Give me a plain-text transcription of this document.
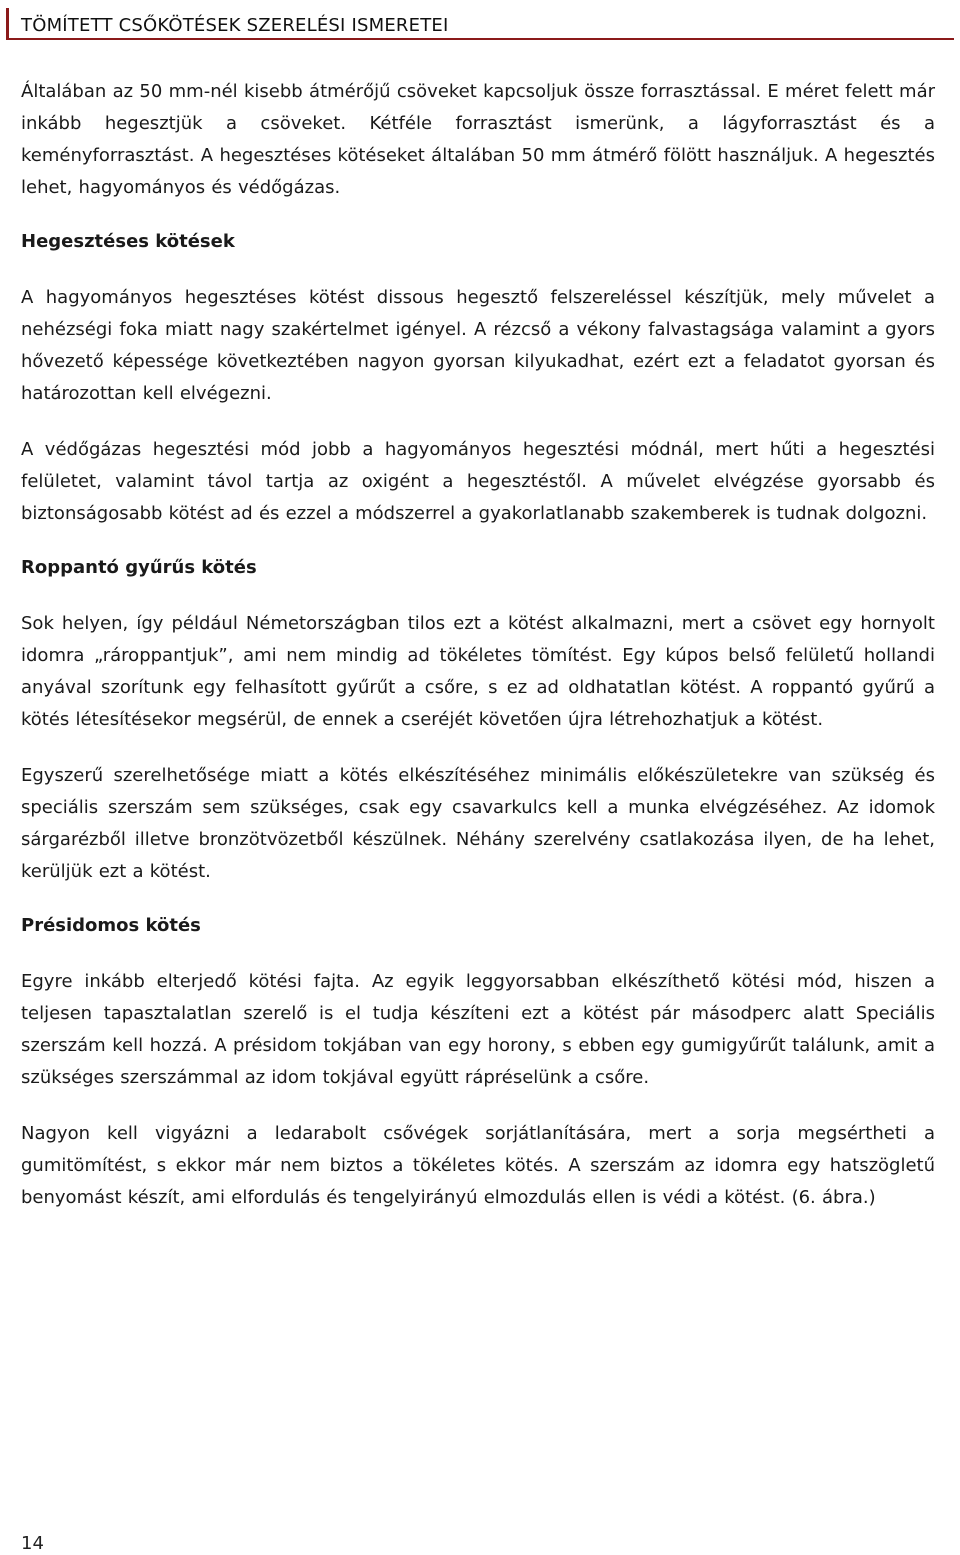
TÖMÍTETT CSŐKÖTÉSEK SZERELÉSI ISMERETEI

Általában az 50 mm-nél kisebb átmérőjű csöveket kapcsoljuk össze forrasztással. E méret felett már inkább hegesztjük a csöveket. Kétféle forrasztást ismerünk, a lágyforrasztást és a keményforrasztást. A hegesztéses kötéseket általában 50 mm átmérő fölött használjuk. A hegesztés lehet, hagyományos és védőgázas.

Hegesztéses kötések

A hagyományos hegesztéses kötést dissous hegesztő felszereléssel készítjük, mely művelet a nehézségi foka miatt nagy szakértelmet igényel. A rézcső a vékony falvastagsága valamint a gyors hővezető képessége következtében nagyon gyorsan kilyukadhat, ezért ezt a feladatot gyorsan és határozottan kell elvégezni.

A védőgázas hegesztési mód jobb a hagyományos hegesztési módnál, mert hűti a hegesztési felületet, valamint távol tartja az oxigént a hegesztéstől. A művelet elvégzése gyorsabb és biztonságosabb kötést ad és ezzel a módszerrel a gyakorlatlanabb szakemberek is tudnak dolgozni.

Roppantó gyűrűs kötés

Sok helyen, így például Németországban tilos ezt a kötést alkalmazni, mert a csövet egy hornyolt idomra „rároppantjuk”, ami nem mindig ad tökéletes tömítést. Egy kúpos belső felületű hollandi anyával szorítunk egy felhasított gyűrűt a csőre, s ez ad oldhatatlan kötést. A roppantó gyűrű a kötés létesítésekor megsérül, de ennek a cseréjét követően újra létrehozhatjuk a kötést.

Egyszerű szerelhetősége miatt a kötés elkészítéséhez minimális előkészületekre van szükség és speciális szerszám sem szükséges, csak egy csavarkulcs kell a munka elvégzéséhez. Az idomok sárgarézből illetve bronzötvözetből készülnek. Néhány szerelvény csatlakozása ilyen, de ha lehet, kerüljük ezt a kötést.

Présidomos kötés

Egyre inkább elterjedő kötési fajta. Az egyik leggyorsabban elkészíthető kötési mód, hiszen a teljesen tapasztalatlan szerelő is el tudja készíteni ezt a kötést pár másodperc alatt Speciális szerszám kell hozzá. A présidom tokjában van egy horony, s ebben egy gumigyűrűt találunk, amit a szükséges szerszámmal az idom tokjával együtt rápréselünk a csőre.

Nagyon kell vigyázni a ledarabolt csővégek sorjátlanítására, mert a sorja megsértheti a gumitömítést, s ekkor már nem biztos a tökéletes kötés. A szerszám az idomra egy hatszögletű benyomást készít, ami elfordulás és tengelyirányú elmozdulás ellen is védi a kötést. (6. ábra.)

14
